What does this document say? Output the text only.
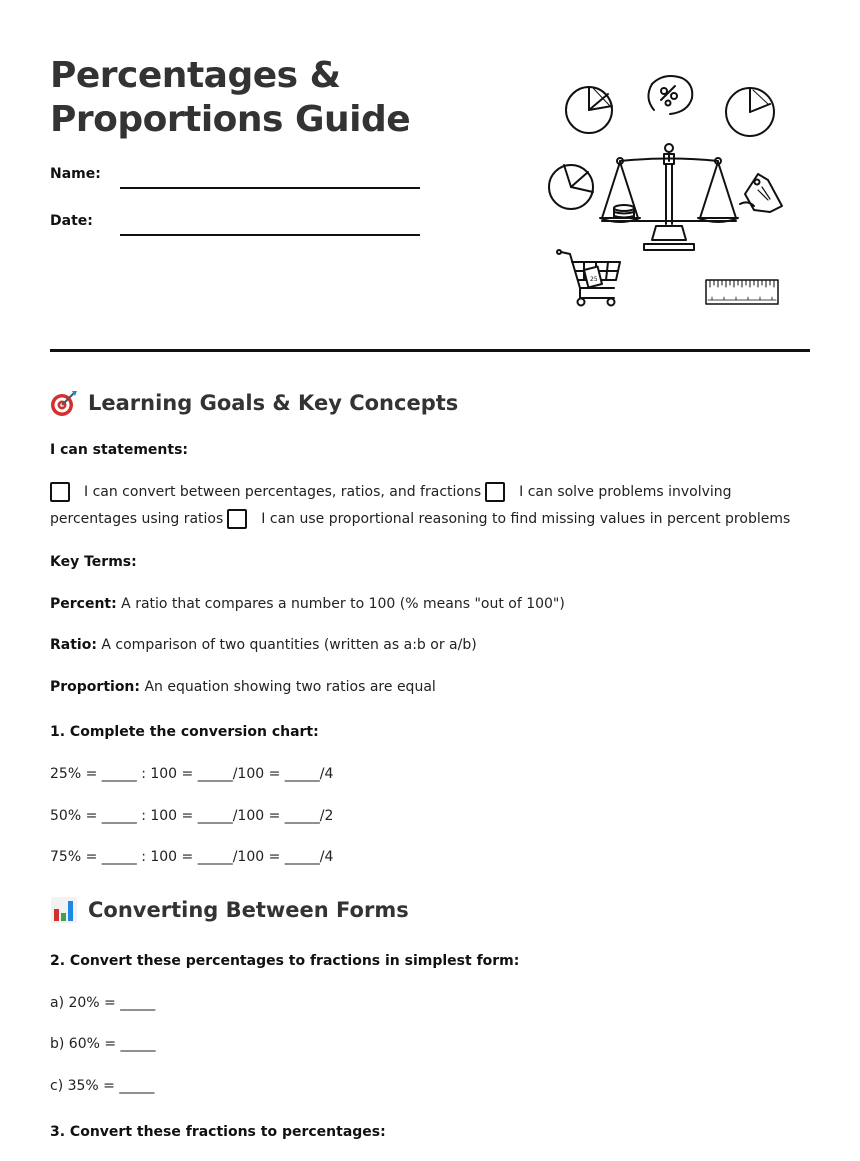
Percentages &
Proportions Guide
Name:
Date:
25
Learning Goals & Key Concepts
I can statements:
I can convert between percentages, ratios, and fractions	I can solve problems involving percentages using ratios	I can use proportional reasoning to find missing values in percent problems
Key Terms:
Percent: A ratio that compares a number to 100 (% means "out of 100")
Ratio: A comparison of two quantities (written as a:b or a/b)
Proportion: An equation showing two ratios are equal
1. Complete the conversion chart:
25% = _____ : 100 = _____/100 = _____/4
50% = _____ : 100 = _____/100 = _____/2
75% = _____ : 100 = _____/100 = _____/4
Converting Between Forms
2. Convert these percentages to fractions in simplest form:
a) 20% = _____
b) 60% = _____
c) 35% = _____
3. Convert these fractions to percentages:
